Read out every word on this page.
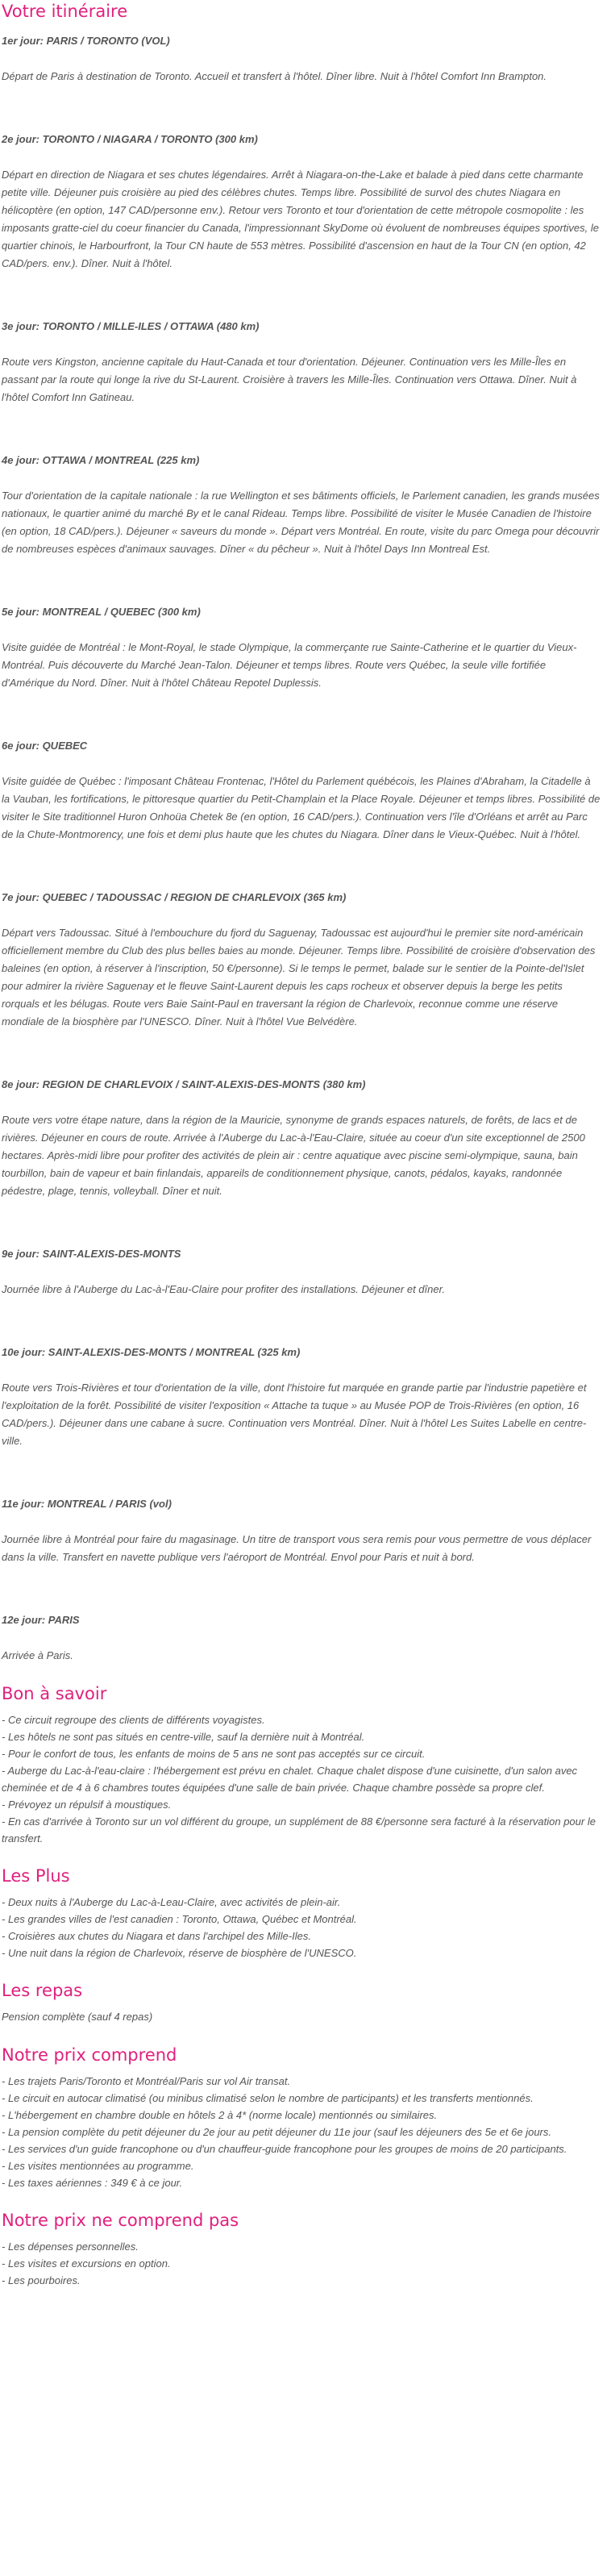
Votre itinéraire

1er jour: PARIS / TORONTO (VOL)

Départ de Paris à destination de Toronto. Accueil et transfert à l'hôtel. Dîner libre. Nuit à l'hôtel Comfort Inn Brampton.

2e jour: TORONTO / NIAGARA / TORONTO (300 km)

Départ en direction de Niagara et ses chutes légendaires. Arrêt à Niagara-on-the-Lake et balade à pied dans cette charmante petite ville. Déjeuner puis croisière au pied des célèbres chutes. Temps libre. Possibilité de survol des chutes Niagara en hélicoptère (en option, 147 CAD/personne env.). Retour vers Toronto et tour d'orientation de cette métropole cosmopolite : les imposants gratte-ciel du coeur financier du Canada, l'impressionnant SkyDome où évoluent de nombreuses équipes sportives, le quartier chinois, le Harbourfront, la Tour CN haute de 553 mètres. Possibilité d'ascension en haut de la Tour CN (en option, 42 CAD/pers. env.). Dîner. Nuit à l'hôtel.

3e jour: TORONTO / MILLE-ILES / OTTAWA (480 km)

Route vers Kingston, ancienne capitale du Haut-Canada et tour d'orientation. Déjeuner. Continuation vers les Mille-Îles en passant par la route qui longe la rive du St-Laurent. Croisière à travers les Mille-Îles. Continuation vers Ottawa. Dîner. Nuit à l'hôtel Comfort Inn Gatineau.

4e jour: OTTAWA / MONTREAL (225 km)

Tour d'orientation de la capitale nationale : la rue Wellington et ses bâtiments officiels, le Parlement canadien, les grands musées nationaux, le quartier animé du marché By et le canal Rideau. Temps libre. Possibilité de visiter le Musée Canadien de l'histoire (en option, 18 CAD/pers.). Déjeuner « saveurs du monde ». Départ vers Montréal. En route, visite du parc Omega pour découvrir de nombreuses espèces d'animaux sauvages. Dîner « du pêcheur ». Nuit à l'hôtel Days Inn Montreal Est.

5e jour: MONTREAL / QUEBEC (300 km)

Visite guidée de Montréal : le Mont-Royal, le stade Olympique, la commerçante rue Sainte-Catherine et le quartier du Vieux-Montréal. Puis découverte du Marché Jean-Talon. Déjeuner et temps libres. Route vers Québec, la seule ville fortifiée d'Amérique du Nord. Dîner. Nuit à l'hôtel Château Repotel Duplessis.

6e jour: QUEBEC

Visite guidée de Québec : l'imposant Château Frontenac, l'Hôtel du Parlement québécois, les Plaines d'Abraham, la Citadelle à la Vauban, les fortifications, le pittoresque quartier du Petit-Champlain et la Place Royale. Déjeuner et temps libres. Possibilité de visiter le Site traditionnel Huron Onhoüa Chetek 8e (en option, 16 CAD/pers.). Continuation vers l'île d'Orléans et arrêt au Parc de la Chute-Montmorency, une fois et demi plus haute que les chutes du Niagara. Dîner dans le Vieux-Québec. Nuit à l'hôtel.

7e jour: QUEBEC / TADOUSSAC / REGION DE CHARLEVOIX (365 km)

Départ vers Tadoussac. Situé à l'embouchure du fjord du Saguenay, Tadoussac est aujourd'hui le premier site nord-américain officiellement membre du Club des plus belles baies au monde. Déjeuner. Temps libre. Possibilité de croisière d'observation des baleines (en option, à réserver à l'inscription, 50 €/personne). Si le temps le permet, balade sur le sentier de la Pointe-del'Islet pour admirer la rivière Saguenay et le fleuve Saint-Laurent depuis les caps rocheux et observer depuis la berge les petits rorquals et les bélugas. Route vers Baie Saint-Paul en traversant la région de Charlevoix, reconnue comme une réserve mondiale de la biosphère par l'UNESCO. Dîner. Nuit à l'hôtel Vue Belvédère.

8e jour: REGION DE CHARLEVOIX / SAINT-ALEXIS-DES-MONTS (380 km)

Route vers votre étape nature, dans la région de la Mauricie, synonyme de grands espaces naturels, de forêts, de lacs et de rivières. Déjeuner en cours de route. Arrivée à l'Auberge du Lac-à-l'Eau-Claire, située au coeur d'un site exceptionnel de 2500 hectares. Après-midi libre pour profiter des activités de plein air : centre aquatique avec piscine semi-olympique, sauna, bain tourbillon, bain de vapeur et bain finlandais, appareils de conditionnement physique, canots, pédalos, kayaks, randonnée pédestre, plage, tennis, volleyball. Dîner et nuit.

9e jour: SAINT-ALEXIS-DES-MONTS

Journée libre à l'Auberge du Lac-à-l'Eau-Claire pour profiter des installations. Déjeuner et dîner.

10e jour: SAINT-ALEXIS-DES-MONTS / MONTREAL (325 km)

Route vers Trois-Rivières et tour d'orientation de la ville, dont l'histoire fut marquée en grande partie par l'industrie papetière et l'exploitation de la forêt. Possibilité de visiter l'exposition « Attache ta tuque » au Musée POP de Trois-Rivières (en option, 16 CAD/pers.). Déjeuner dans une cabane à sucre. Continuation vers Montréal. Dîner. Nuit à l'hôtel Les Suites Labelle en centre-ville.

11e jour: MONTREAL / PARIS (vol)

Journée libre à Montréal pour faire du magasinage. Un titre de transport vous sera remis pour vous permettre de vous déplacer dans la ville. Transfert en navette publique vers l'aéroport de Montréal. Envol pour Paris et nuit à bord.

12e jour: PARIS

Arrivée à Paris.

Bon à savoir
- Ce circuit regroupe des clients de différents voyagistes.
- Les hôtels ne sont pas situés en centre-ville, sauf la dernière nuit à Montréal.
- Pour le confort de tous, les enfants de moins de 5 ans ne sont pas acceptés sur ce circuit.
- Auberge du Lac-à-l'eau-claire : l'hébergement est prévu en chalet. Chaque chalet dispose d'une cuisinette, d'un salon avec cheminée et de 4 à 6 chambres toutes équipées d'une salle de bain privée. Chaque chambre possède sa propre clef.
- Prévoyez un répulsif à moustiques.
- En cas d'arrivée à Toronto sur un vol différent du groupe, un supplément de 88 €/personne sera facturé à la réservation pour le transfert.
Les Plus
- Deux nuits à l'Auberge du Lac-à-Leau-Claire, avec activités de plein-air.
- Les grandes villes de l'est canadien : Toronto, Ottawa, Québec et Montréal.
- Croisières aux chutes du Niagara et dans l'archipel des Mille-Iles.
- Une nuit dans la région de Charlevoix, réserve de biosphère de l'UNESCO.
Les repas

Pension complète (sauf 4 repas)

Notre prix comprend
- Les trajets Paris/Toronto et Montréal/Paris sur vol Air transat.
- Le circuit en autocar climatisé (ou minibus climatisé selon le nombre de participants) et les transferts mentionnés.
- L'hébergement en chambre double en hôtels 2 à 4* (norme locale) mentionnés ou similaires.
- La pension complète du petit déjeuner du 2e jour au petit déjeuner du 11e jour (sauf les déjeuners des 5e et 6e jours.
- Les services d'un guide francophone ou d'un chauffeur-guide francophone pour les groupes de moins de 20 participants.
- Les visites mentionnées au programme.
- Les taxes aériennes : 349 € à ce jour.
Notre prix ne comprend pas
- Les dépenses personnelles.
- Les visites et excursions en option.
- Les pourboires.
